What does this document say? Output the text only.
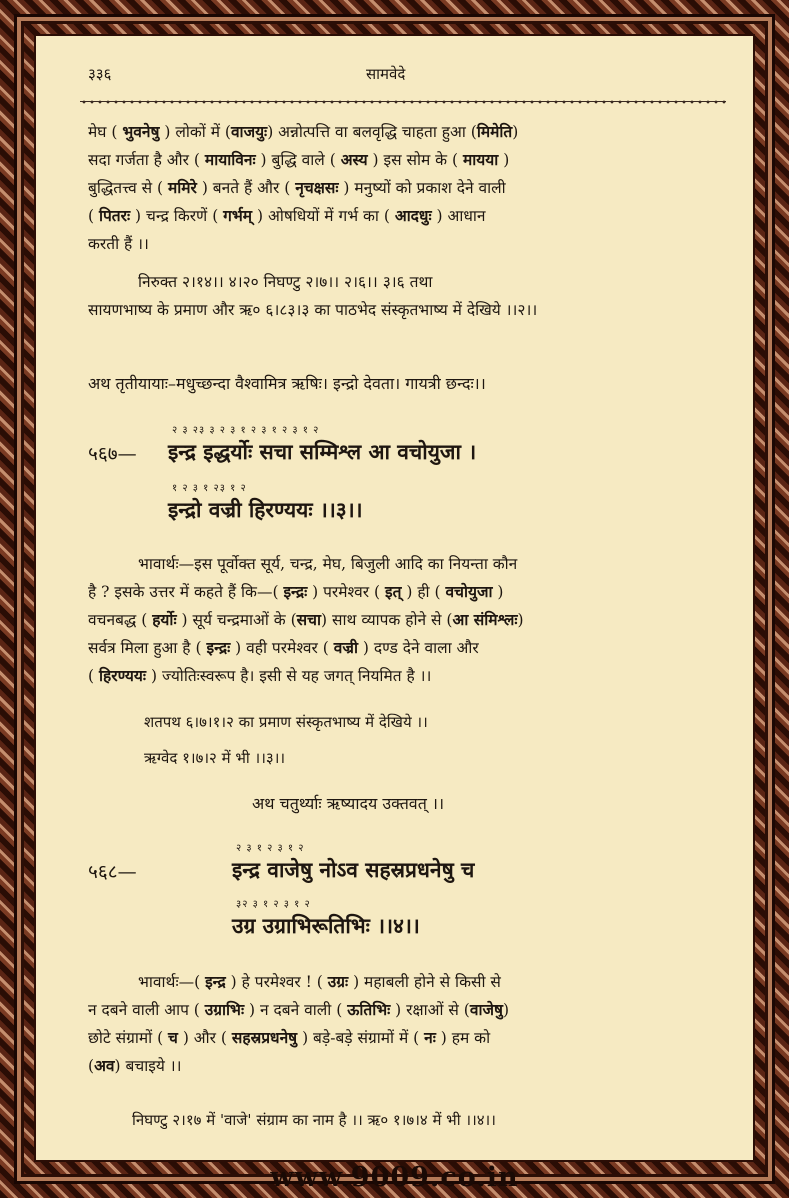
३३६	सामवेदे

मेघ ( भुवनेषु ) लोकों में (वाजयुः) अन्नोत्पत्ति वा बलवृद्धि चाहता हुआ (मिमेति)

सदा गर्जता है और ( मायाविनः ) बुद्धि वाले ( अस्य ) इस सोम के ( मायया )

बुद्धितत्त्व से ( ममिरे ) बनते हैं और ( नृचक्षसः ) मनुष्यों को प्रकाश देने वाली

( पितरः ) चन्द्र किरणें ( गर्भम् ) ओषधियों में गर्भ का ( आदधुः ) आधान

करती हैं ।।

निरुक्त २।१४।। ४।२० निघण्टु २।७।। २।६।। ३।६ तथा

सायणभाष्य के प्रमाण और ऋ० ६।८३।३ का पाठभेद संस्कृतभाष्य में देखिये ।।२।।

अथ तृतीयायाः–मधुच्छन्दा वैश्वामित्र ऋषिः। इन्द्रो देवता। गायत्री छन्दः।।
२ ३ २३ ३ २ ३ १ २ ३ १ २ ३ १ २
५६७— इन्द्र इद्धर्योः सचा सम्मिश्ल आ वचोयुजा ।
१ २ ३ १ २३ १ २
इन्द्रो वज्री हिरण्ययः ।।३।।

भावार्थः—इस पूर्वोक्त सूर्य, चन्द्र, मेघ, बिजुली आदि का नियन्ता कौन

है ? इसके उत्तर में कहते हैं कि—( इन्द्रः ) परमेश्वर ( इत् ) ही ( वचोयुजा )

वचनबद्ध ( हर्योः ) सूर्य चन्द्रमाओं के (सचा) साथ व्यापक होने से (आ संमिश्लः)

सर्वत्र मिला हुआ है ( इन्द्रः ) वही परमेश्वर ( वज्री ) दण्ड देने वाला और

( हिरण्ययः ) ज्योतिःस्वरूप है। इसी से यह जगत् नियमित है ।।

शतपथ ६।७।१।२ का प्रमाण संस्कृतभाष्य में देखिये ।।
ऋग्वेद १।७।२ में भी ।।३।।
अथ चतुर्थ्याः ऋष्यादय उक्तवत् ।।
२ ३ १ २ ३ १ २
५६८—	इन्द्र वाजेषु नोऽव सहस्रप्रधनेषु च
३२ ३ १ २ ३ १ २
उग्र उग्राभिरूतिभिः ।।४।।

भावार्थः—( इन्द्र ) हे परमेश्वर ! ( उग्रः ) महाबली होने से किसी से

न दबने वाली आप ( उग्राभिः ) न दबने वाली ( ऊतिभिः ) रक्षाओं से (वाजेषु)

छोटे संग्रामों ( च ) और ( सहस्रप्रधनेषु ) बड़े-बड़े संग्रामों में ( नः ) हम को

(अव) बचाइये ।।

निघण्टु २।१७ में 'वाजे' संग्राम का नाम है ।। ऋ० १।७।४ में भी ।।४।।
www.9009.co.in
